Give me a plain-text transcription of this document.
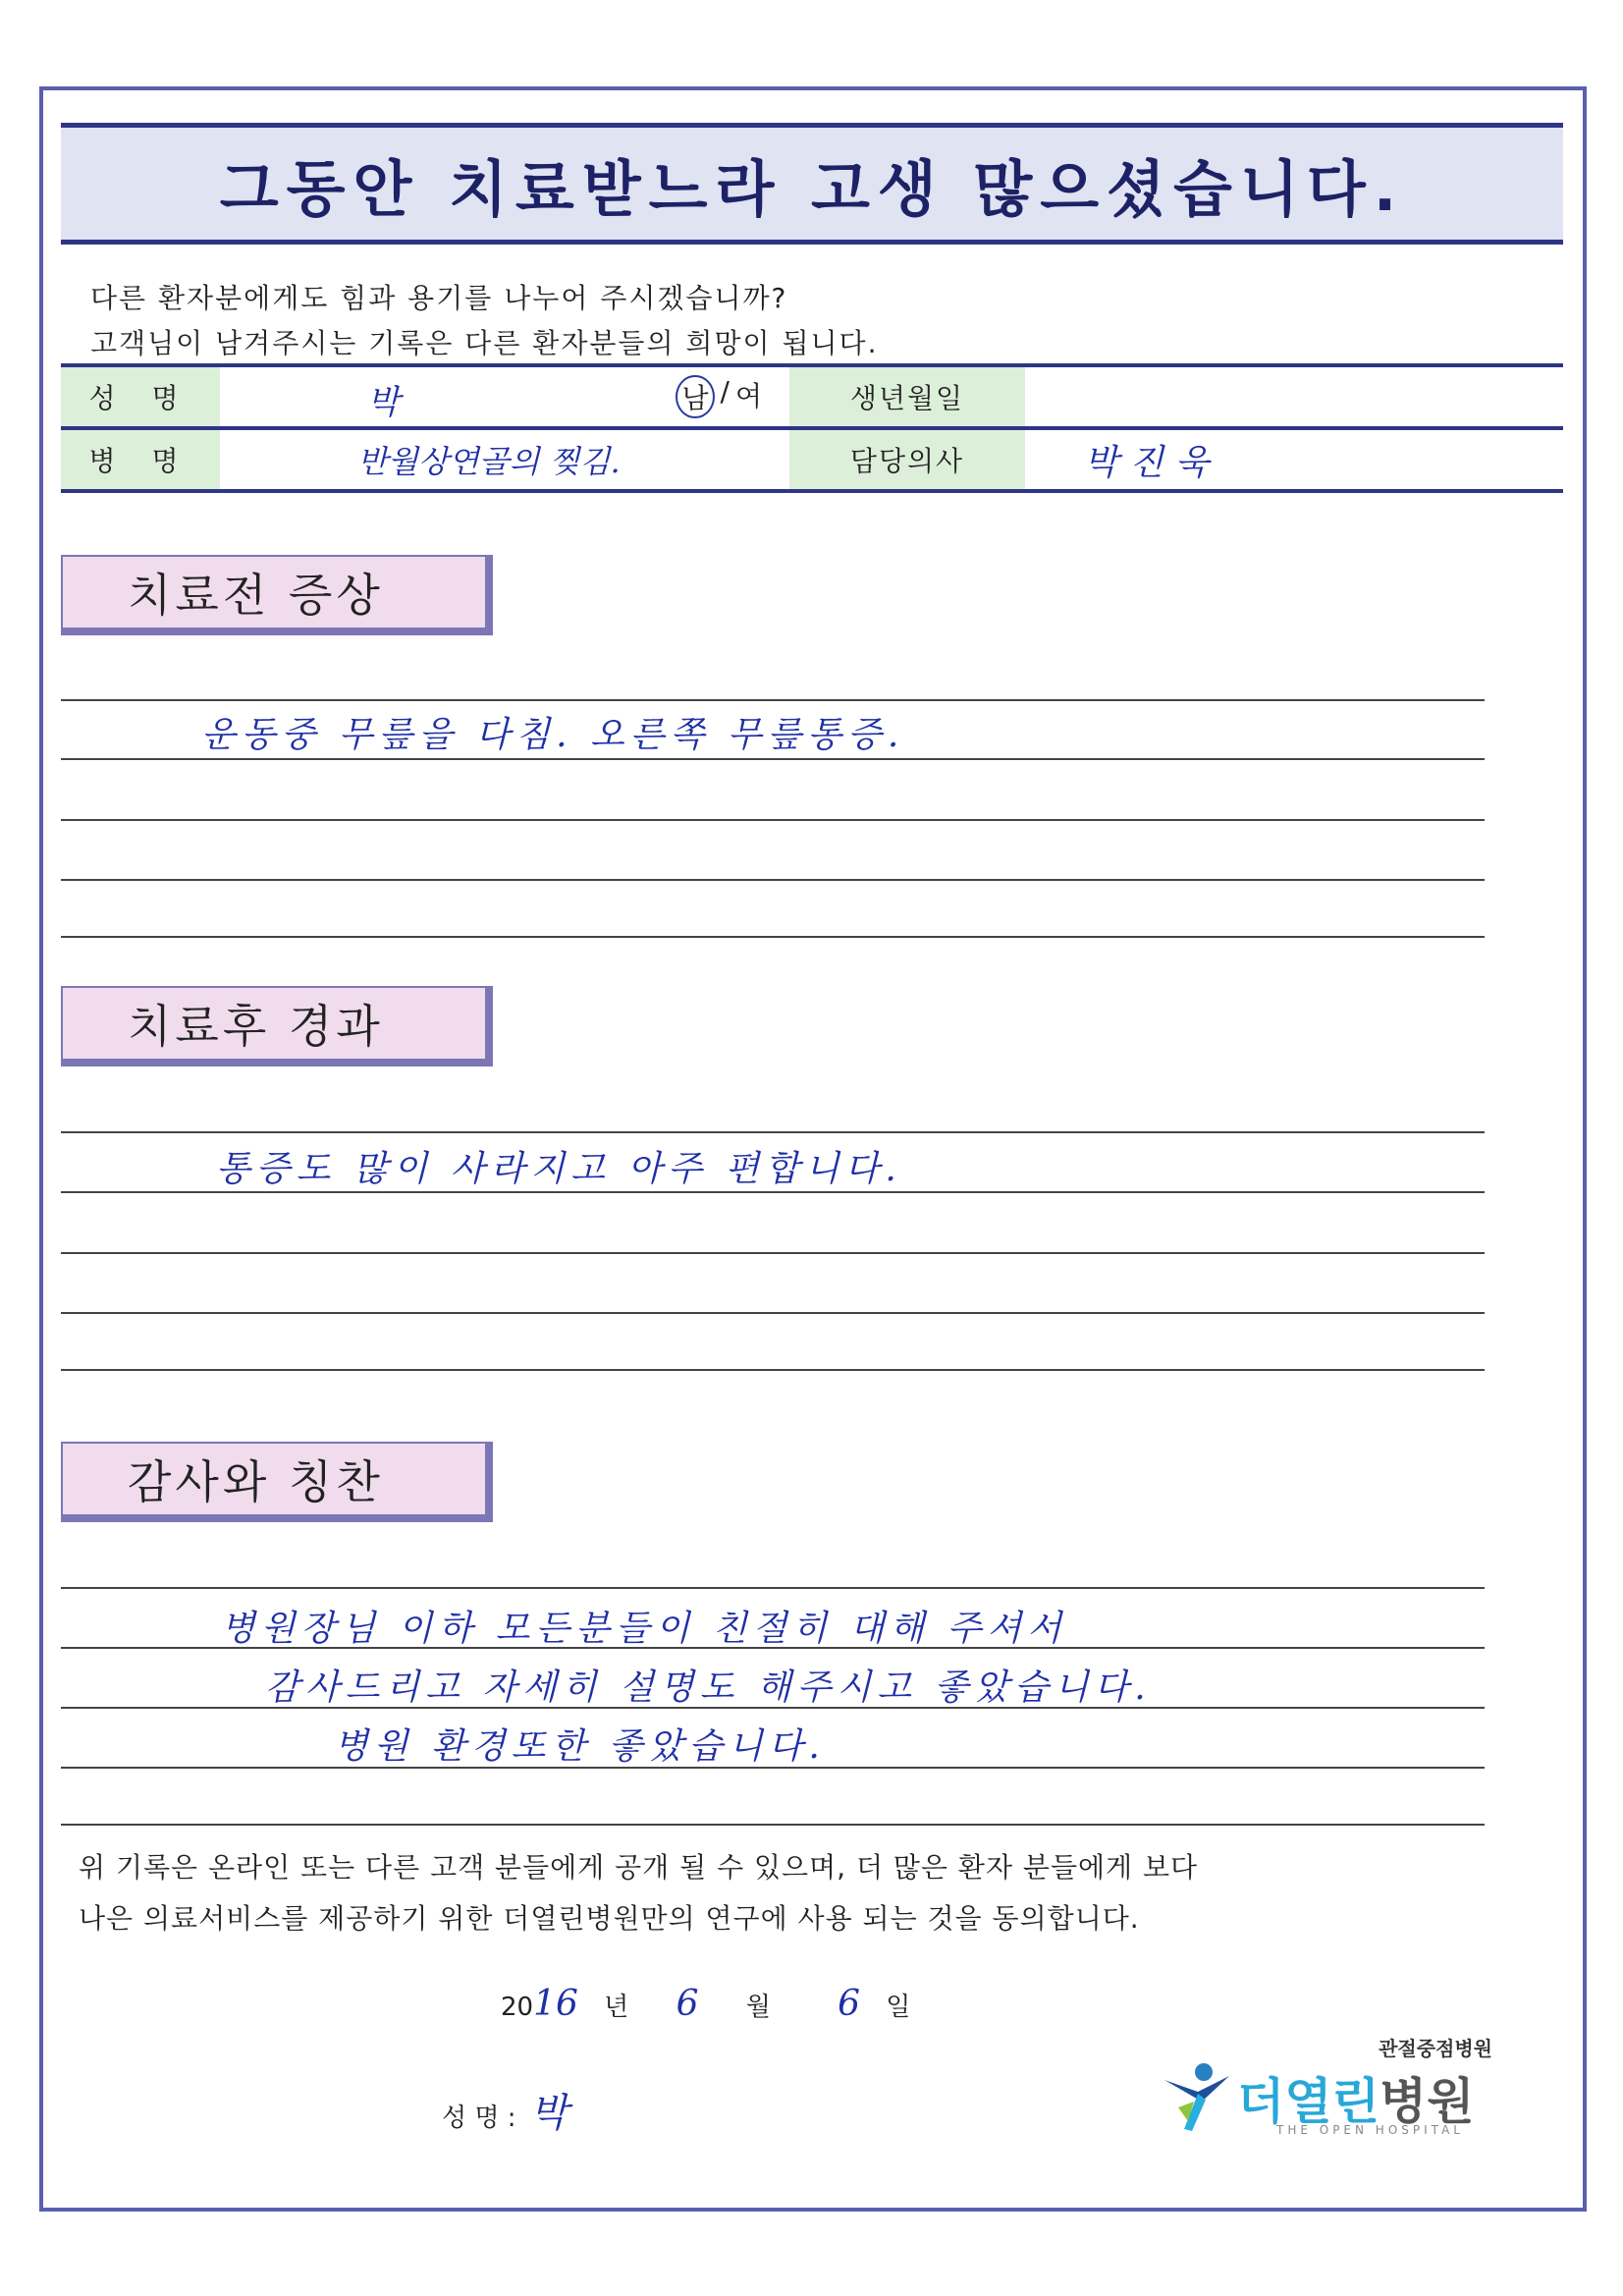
그동안 치료받느라 고생 많으셨습니다.
다른 환자분에게도 힘과 용기를 나누어 주시겠습니까?
고객님이 남겨주시는 기록은 다른 환자분들의 희망이 됩니다.
성 명	박 남 / 여	생년월일	
병 명	반월상연골의 찢김.	담당의사	박 진 욱
치료전 증상
운동중 무릎을 다침. 오른쪽 무릎통증.
치료후 경과
통증도 많이 사라지고 아주 편합니다.
감사와 칭찬
병원장님 이하 모든분들이 친절히 대해 주셔서
감사드리고 자세히 설명도 해주시고 좋았습니다.
병원 환경또한 좋았습니다.
위 기록은 온라인 또는 다른 고객 분들에게 공개 될 수 있으며, 더 많은 환자 분들에게 보다
나은 의료서비스를 제공하기 위한 더열린병원만의 연구에 사용 되는 것을 동의합니다.
2016 년 6 월 6 일
성 명 : 박
관절중점병원
더열린병원
THE OPEN HOSPITAL
